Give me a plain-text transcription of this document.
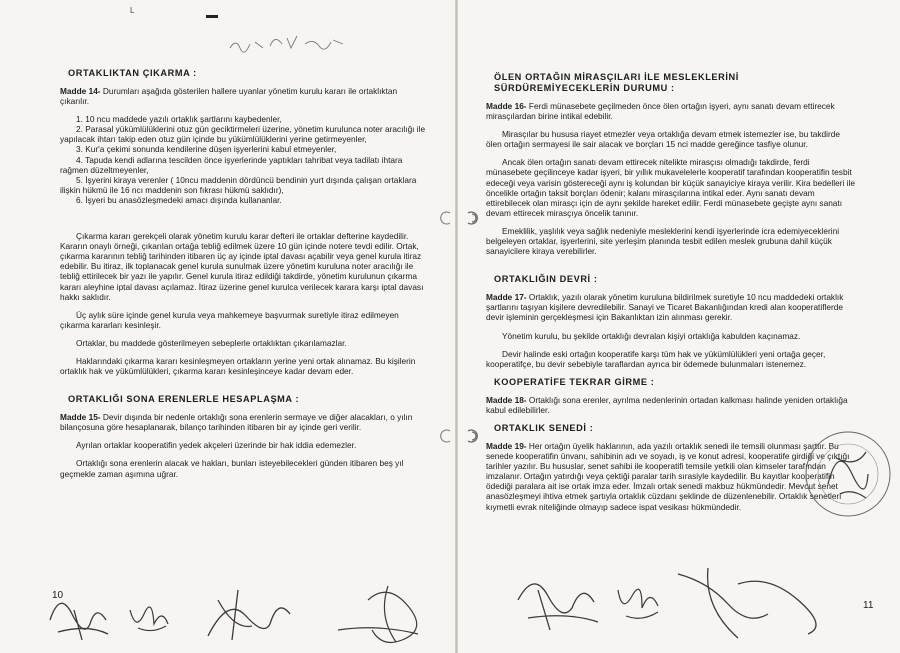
L
ORTAKLIKTAN ÇIKARMA :
Madde 14- Durumları aşağıda gösterilen hallere uyanlar yönetim kurulu kararı ile ortaklıktan çıkarılır.
1. 10 ncu maddede yazılı ortaklık şartlarını kaybedenler,
2. Parasal yükümlülüklerini otuz gün geciktirmeleri üzerine, yönetim kurulunca noter aracılığı ile yapılacak ihtarı takip eden otuz gün içinde bu yükümlülüklerini yerine getirmeyenler,
3. Kur'a çekimi sonunda kendilerine düşen işyerlerini kabul etmeyenler,
4. Tapuda kendi adlarına tescilden önce işyerlerinde yaptıkları tahribat veya tadilatı ihtara rağmen düzeltmeyenler,
5. İşyerini kiraya verenler ( 10ncu maddenin dördüncü bendinin yurt dışında çalışan ortaklara ilişkin hükmü ile 16 ncı maddenin son fıkrası hükmü saklıdır),
6. İşyeri bu anasözleşmedeki amacı dışında kullananlar.
Çıkarma kararı gerekçeli olarak yönetim kurulu karar defteri ile ortaklar defterine kaydedilir. Kararın onaylı örneği, çıkarılan ortağa tebliğ edilmek üzere 10 gün içinde notere tevdi edilir. Ortak, çıkarma kararının tebliğ tarihinden itibaren üç ay içinde iptal davası açabilir veya genel kurula itiraz edebilir. Bu itiraz, ilk toplanacak genel kurula sunulmak üzere yönetim kuruluna noter aracılığı ile tebliğ ettirilecek bir yazı ile yapılır. Genel kurula itiraz edildiği takdirde, yönetim kurulunun çıkarma kararı aleyhine iptal davası açılamaz. İtiraz üzerine genel kurulca verilecek karara karşı iptal davası hakkı saklıdır.
Üç aylık süre içinde genel kurula veya mahkemeye başvurmak suretiyle itiraz edilmeyen çıkarma kararları kesinleşir.
Ortaklar, bu maddede gösterilmeyen sebeplerle ortaklıktan çıkarılamazlar.
Haklarındaki çıkarma kararı kesinleşmeyen ortakların yerine yeni ortak alınamaz. Bu kişilerin ortaklık hak ve yükümlülükleri, çıkarma kararı kesinleşinceye kadar devam eder.
ORTAKLIĞI SONA ERENLERLE HESAPLAŞMA :
Madde 15- Devir dışında bir nedenle ortaklığı sona erenlerin sermaye ve diğer alacakları, o yılın bilançosuna göre hesaplanarak, bilanço tarihinden itibaren bir ay içinde geri verilir.
Ayrılan ortaklar kooperatifin yedek akçeleri üzerinde bir hak iddia edemezler.
Ortaklığı sona erenlerin alacak ve hakları, bunları isteyebilecekleri günden itibaren beş yıl geçmekle zaman aşımına uğrar.
10
ÖLEN ORTAĞIN MİRASÇILARI İLE MESLEKLERİNİ SÜRDÜREMİYECEKLERİN DURUMU :
Madde 16- Ferdi münasebete geçilmeden önce ölen ortağın işyeri, aynı sanatı devam ettirecek mirasçılardan birine intikal edebilir.
Mirasçılar bu hususa riayet etmezler veya ortaklığa devam etmek istemezler ise, bu takdirde ölen ortağın sermayesi ile sair alacak ve borçları 15 nci madde gereğince tasfiye olunur.
Ancak ölen ortağın sanatı devam ettirecek nitelikte mirasçısı olmadığı takdirde, ferdi münasebete geçilinceye kadar işyeri, bir yıllık mukavelelerle kooperatif tarafından kooperatifin tesbit edeceği veya varisin göstereceği aynı iş kolundan bir küçük sanayiciye kiraya verilir. Kira bedelleri ile öncelikle ortağın taksit borçları ödenir; kalanı mirasçılarına intikal eder. Aynı sanatı devam ettirebilecek olan mirasçı için de aynı şekilde hareket edilir. Ferdi münasebete geçişte aynı sanatı devam ettirecek mirasçıya öncelik tanınır.
Emeklilik, yaşlılık veya sağlık nedeniyle mesleklerini kendi işyerlerinde icra edemiyeceklerini belgeleyen ortaklar, işyerlerini, site yerleşim planında tesbit edilen meslek grubuna dahil küçük sanayicilere kiraya verebilirler.
ORTAKLIĞIN DEVRİ :
Madde 17- Ortaklık, yazılı olarak yönetim kuruluna bildirilmek suretiyle 10 ncu maddedeki ortaklık şartlarını taşıyan kişilere devredilebilir. Sanayi ve Ticaret Bakanlığından kredi alan kooperatiflerde devir işleminin gerçekleşmesi için Bakanlıktan izin alınması gerekir.
Yönetim kurulu, bu şekilde ortaklığı devralan kişiyi ortaklığa kabulden kaçınamaz.
Devir halinde eski ortağın kooperatife karşı tüm hak ve yükümlülükleri yeni ortağa geçer, kooperatifçe, bu devir sebebiyle taraflardan ayrıca bir ödemede bulunmaları istenemez.
KOOPERATİFE TEKRAR GİRME :
Madde 18- Ortaklığı sona erenler, ayrılma nedenlerinin ortadan kalkması halinde yeniden ortaklığa kabul edilebilirler.
ORTAKLIK SENEDİ :
Madde 19- Her ortağın üyelik haklarının, ada yazılı ortaklık senedi ile temsili olunması şarttır. Bu senede kooperatifin ünvanı, sahibinin adı ve soyadı, iş ve konut adresi, kooperatife girdiği ve çıktığı tarihler yazılır. Bu hususlar, senet sahibi ile kooperatifi temsile yetkili olan kimseler tarafından imzalanır. Ortağın yatırdığı veya çektiği paralar tarih sırasiyle kaydedilir. Bu kayıtlar kooperatifin ödediği paralara ait ise ortak imza eder. İmzalı ortak senedi makbuz hükmündedir. Mevcut senet anasözleşmeyi ihtiva etmek şartıyla ortaklık cüzdanı şeklinde de düzenlenebilir. Ortaklık senetleri kıymetli evrak niteliğinde olmayıp sadece ispat vesikası hükmündedir.
11
